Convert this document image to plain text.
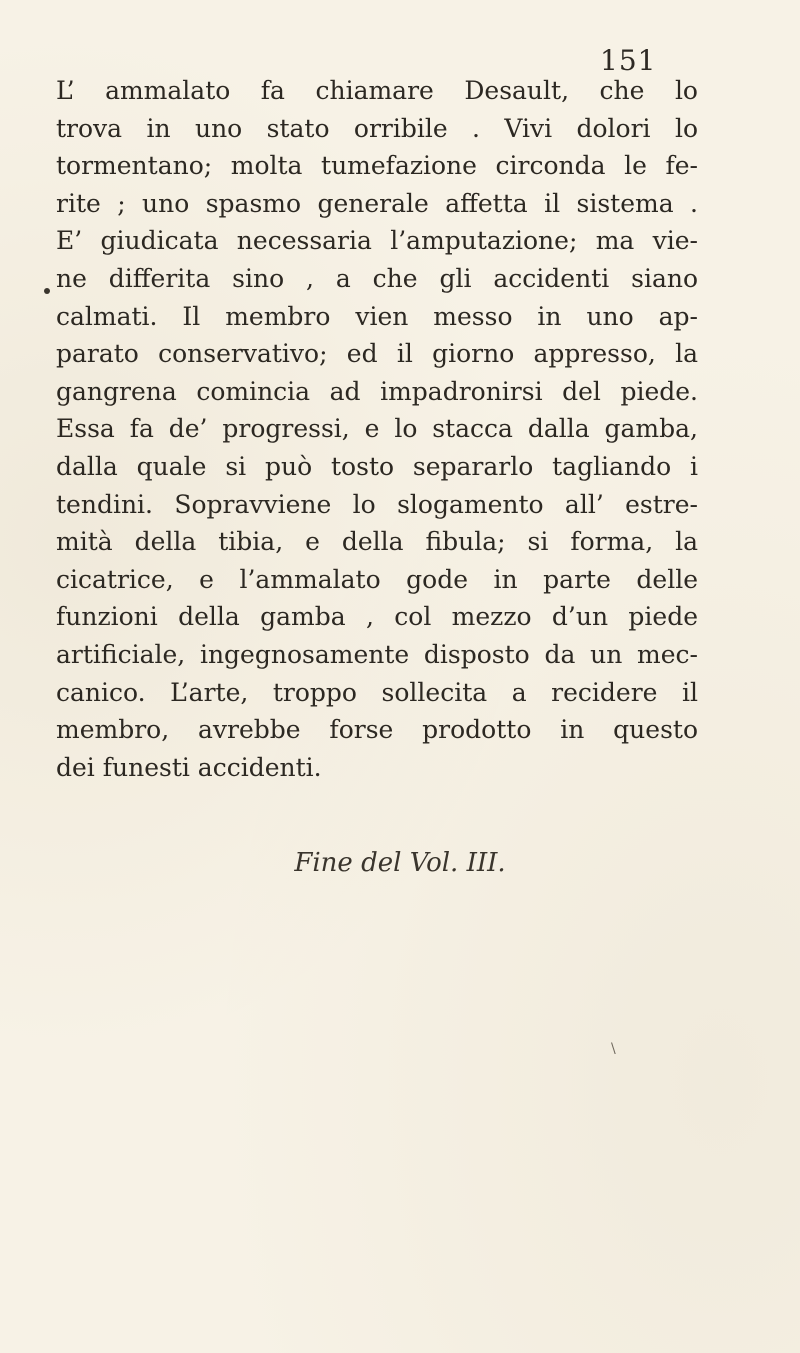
151
L’ ammalato fa chiamare Desault, che lo
trova in uno stato orribile . Vivi dolori lo
tormentano; molta tumefazione circonda le fe-
rite ; uno spasmo generale affetta il sistema .
E’ giudicata necessaria l’amputazione; ma vie-
ne differita sino , a che gli accidenti siano
calmati. Il membro vien messo in uno ap-
parato conservativo; ed il giorno appresso, la
gangrena comincia ad impadronirsi del piede.
Essa fa de’ progressi, e lo stacca dalla gamba,
dalla quale si può tosto separarlo tagliando i
tendini. Sopravviene lo slogamento all’ estre-
mità della tibia, e della fibula; si forma, la
cicatrice, e l’ammalato gode in parte delle
funzioni della gamba , col mezzo d’un piede
artificiale, ingegnosamente disposto da un mec-
canico. L’arte, troppo sollecita a recidere il
membro, avrebbe forse prodotto in questo
dei funesti accidenti.
Fine del Vol. III.
\
